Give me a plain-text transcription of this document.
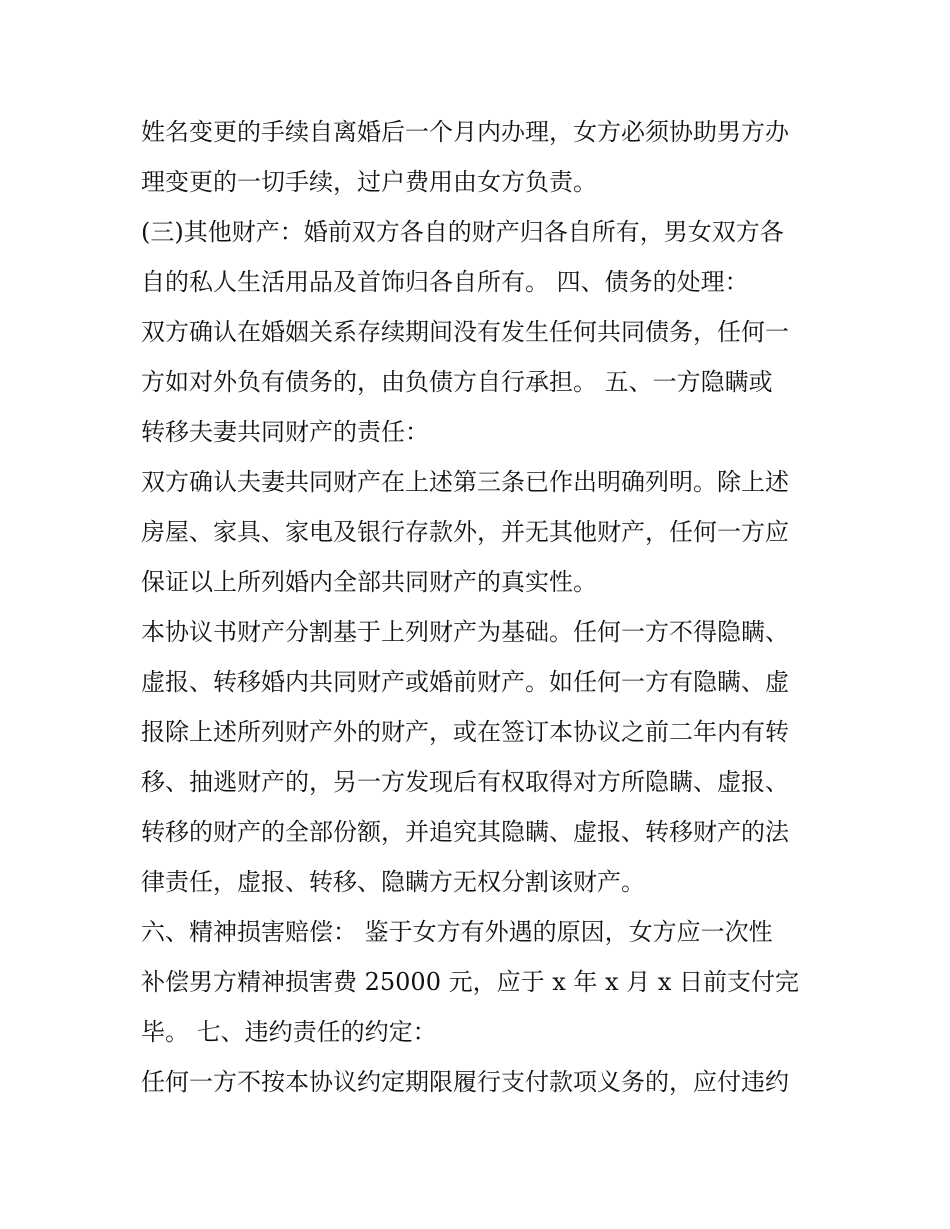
姓名变更的手续自离婚后一个月内办理，女方必须协助男方办
理变更的一切手续，过户费用由女方负责。
(三)其他财产：婚前双方各自的财产归各自所有，男女双方各
自的私人生活用品及首饰归各自所有。 四、债务的处理：
双方确认在婚姻关系存续期间没有发生任何共同债务，任何一
方如对外负有债务的，由负债方自行承担。 五、一方隐瞒或
转移夫妻共同财产的责任：
双方确认夫妻共同财产在上述第三条已作出明确列明。除上述
房屋、家具、家电及银行存款外，并无其他财产，任何一方应
保证以上所列婚内全部共同财产的真实性。
本协议书财产分割基于上列财产为基础。任何一方不得隐瞒、
虚报、转移婚内共同财产或婚前财产。如任何一方有隐瞒、虚
报除上述所列财产外的财产，或在签订本协议之前二年内有转
移、抽逃财产的，另一方发现后有权取得对方所隐瞒、虚报、
转移的财产的全部份额，并追究其隐瞒、虚报、转移财产的法
律责任，虚报、转移、隐瞒方无权分割该财产。
六、精神损害赔偿： 鉴于女方有外遇的原因，女方应一次性
补偿男方精神损害费 25000 元，应于 x 年 x 月 x 日前支付完
毕。 七、违约责任的约定：
任何一方不按本协议约定期限履行支付款项义务的，应付违约
